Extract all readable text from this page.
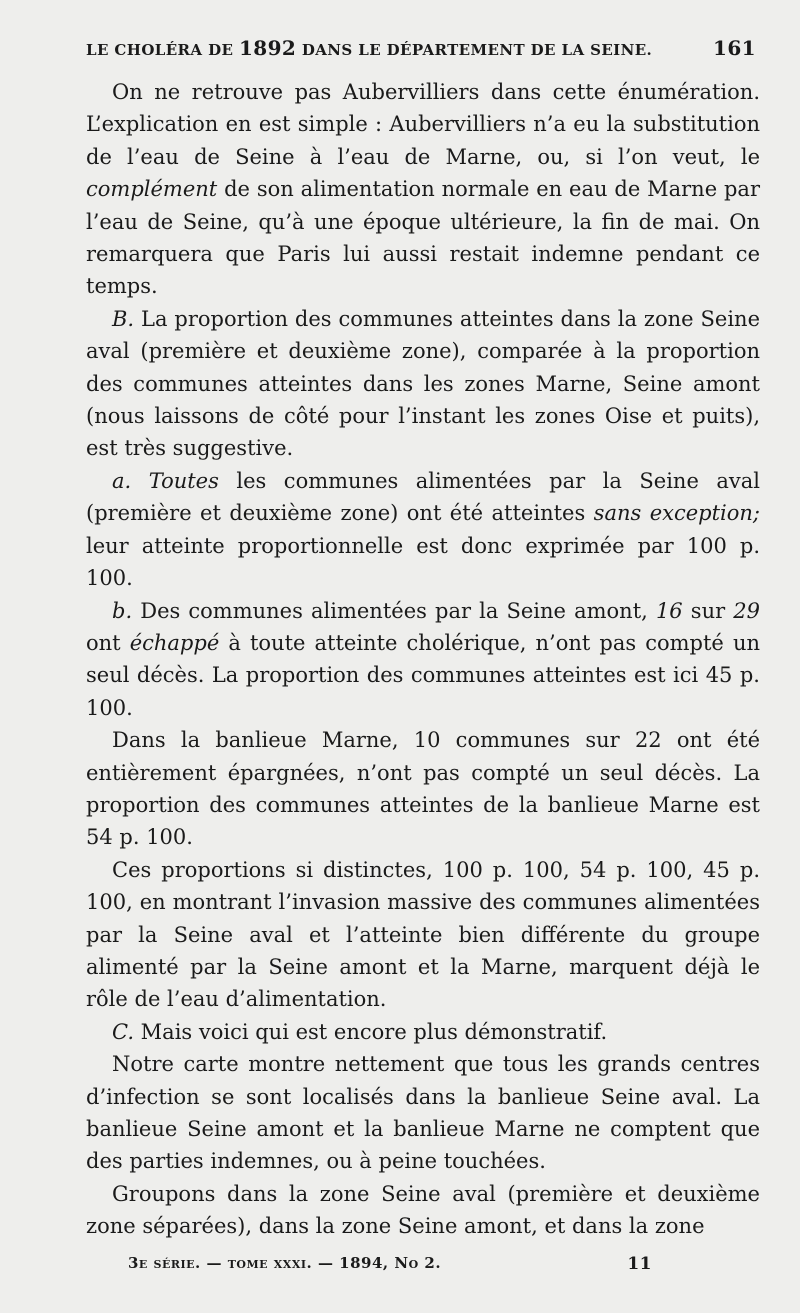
LE CHOLÉRA DE 1892 DANS LE DÉPARTEMENT DE LA SEINE.	161

On ne retrouve pas Aubervilliers dans cette énumération. L’explication en est simple : Aubervilliers n’a eu la substitution de l’eau de Seine à l’eau de Marne, ou, si l’on veut, le complément de son alimentation normale en eau de Marne par l’eau de Seine, qu’à une époque ultérieure, la fin de mai. On remarquera que Paris lui aussi restait indemne pendant ce temps.

B. La proportion des communes atteintes dans la zone Seine aval (première et deuxième zone), comparée à la proportion des communes atteintes dans les zones Marne, Seine amont (nous laissons de côté pour l’instant les zones Oise et puits), est très suggestive.

a. Toutes les communes alimentées par la Seine aval (première et deuxième zone) ont été atteintes sans exception; leur atteinte proportionnelle est donc exprimée par 100 p. 100.

b. Des communes alimentées par la Seine amont, 16 sur 29 ont échappé à toute atteinte cholérique, n’ont pas compté un seul décès. La proportion des communes atteintes est ici 45 p. 100.

Dans la banlieue Marne, 10 communes sur 22 ont été entièrement épargnées, n’ont pas compté un seul décès. La proportion des communes atteintes de la banlieue Marne est 54 p. 100.

Ces proportions si distinctes, 100 p. 100, 54 p. 100, 45 p. 100, en montrant l’invasion massive des communes alimentées par la Seine aval et l’atteinte bien différente du groupe alimenté par la Seine amont et la Marne, marquent déjà le rôle de l’eau d’alimentation.

C. Mais voici qui est encore plus démonstratif.

Notre carte montre nettement que tous les grands centres d’infection se sont localisés dans la banlieue Seine aval. La banlieue Seine amont et la banlieue Marne ne comptent que des parties indemnes, ou à peine touchées.

Groupons dans la zone Seine aval (première et deuxième zone séparées), dans la zone Seine amont, et dans la zone

3e série. — tome xxxi. — 1894, No 2.	11
